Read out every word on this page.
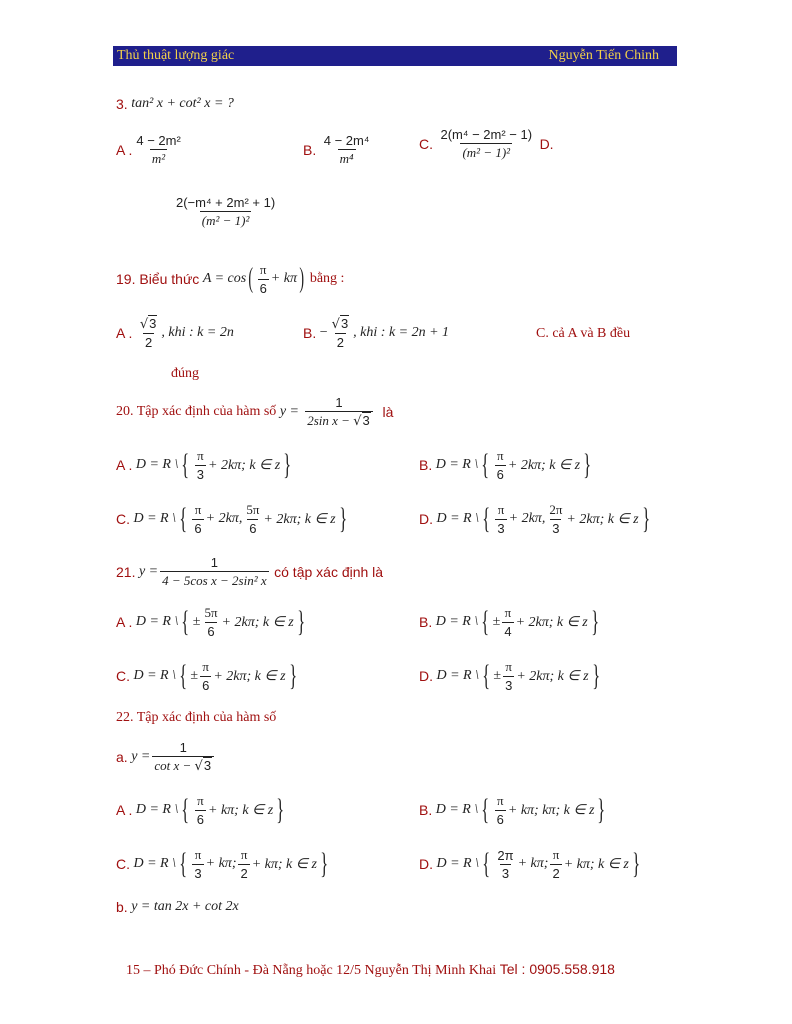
Thủ thuật lượng giác	Nguyễn Tiến Chinh
3.
tan² x + cot² x = ?
A . $\frac{\text{4 − 2m²}}{\text{m²}}$	B.
$\frac{\text{4 − 2m⁴}}{\text{m⁴}}$	C.
$\frac{\text{2(m⁴ − 2m² − 1)}}{\text{(m² − 1)²}}$
D.
$\frac{\text{2(−m⁴ + 2m² + 1)}}{\text{(m² − 1)²}}$
19. Biểu thức
A = cos ( $\frac{\pi}{6} + k\pi$ )
bằng :
A .
$\frac{√3}{2}$ , khi : k = 2n	B. − $\frac{√3}{2}$ , khi : k = 2n + 1	C. cả A và B đều
đúng
20. Tập xác định của hàm số
$y = \frac{1}{\text{2sin x − √3}}$
là
A .
D = R \ { $\frac{\pi}{3} + 2k\pi$; k ∈ z }	B.
D = R \ { $\frac{\pi}{6} + 2k\pi$; k ∈ z }
C.
D = R \ { $\frac{\pi}{6} + 2k\pi$, $\frac{5\pi}{6} + 2k\pi$; k ∈ z }	D.
D = R \ { $\frac{\pi}{3} + 2k\pi$, $\frac{2\pi}{3} + 2k\pi$; k ∈ z }
21.
$y = \frac{1}{\text{4 − 5cos x − 2sin² x}}$
có tập xác định là
A .
D = R \ { ± $\frac{5\pi}{6} + 2k\pi$; k ∈ z }	B.
D = R \ { ± $\frac{\pi}{4} + 2k\pi$; k ∈ z }
C.
D = R \ { ± $\frac{\pi}{6} + 2k\pi$; k ∈ z }	D.
D = R \ { ± $\frac{\pi}{3} + 2k\pi$; k ∈ z }
22. Tập xác định của hàm số
a.
$y = \frac{1}{\text{cot x − √3}}$
A .
D = R \ { $\frac{\pi}{6} + k\pi$; k ∈ z }	B.
D = R \ { $\frac{\pi}{6} + k\pi$; kπ; k ∈ z }
C.
D = R \ { $\frac{\pi}{3} + k\pi$; $\frac{\pi}{2} + k\pi$; k ∈ z }	D.
D = R \ { $\frac{2\pi}{3} + k\pi$; $\frac{\pi}{2} + k\pi$; k ∈ z }
b.
y = tan 2x + cot 2x
15 – Phó Đức Chính - Đà Nẵng hoặc 12/5 Nguyễn Thị Minh Khai Tel : 0905.558.918
